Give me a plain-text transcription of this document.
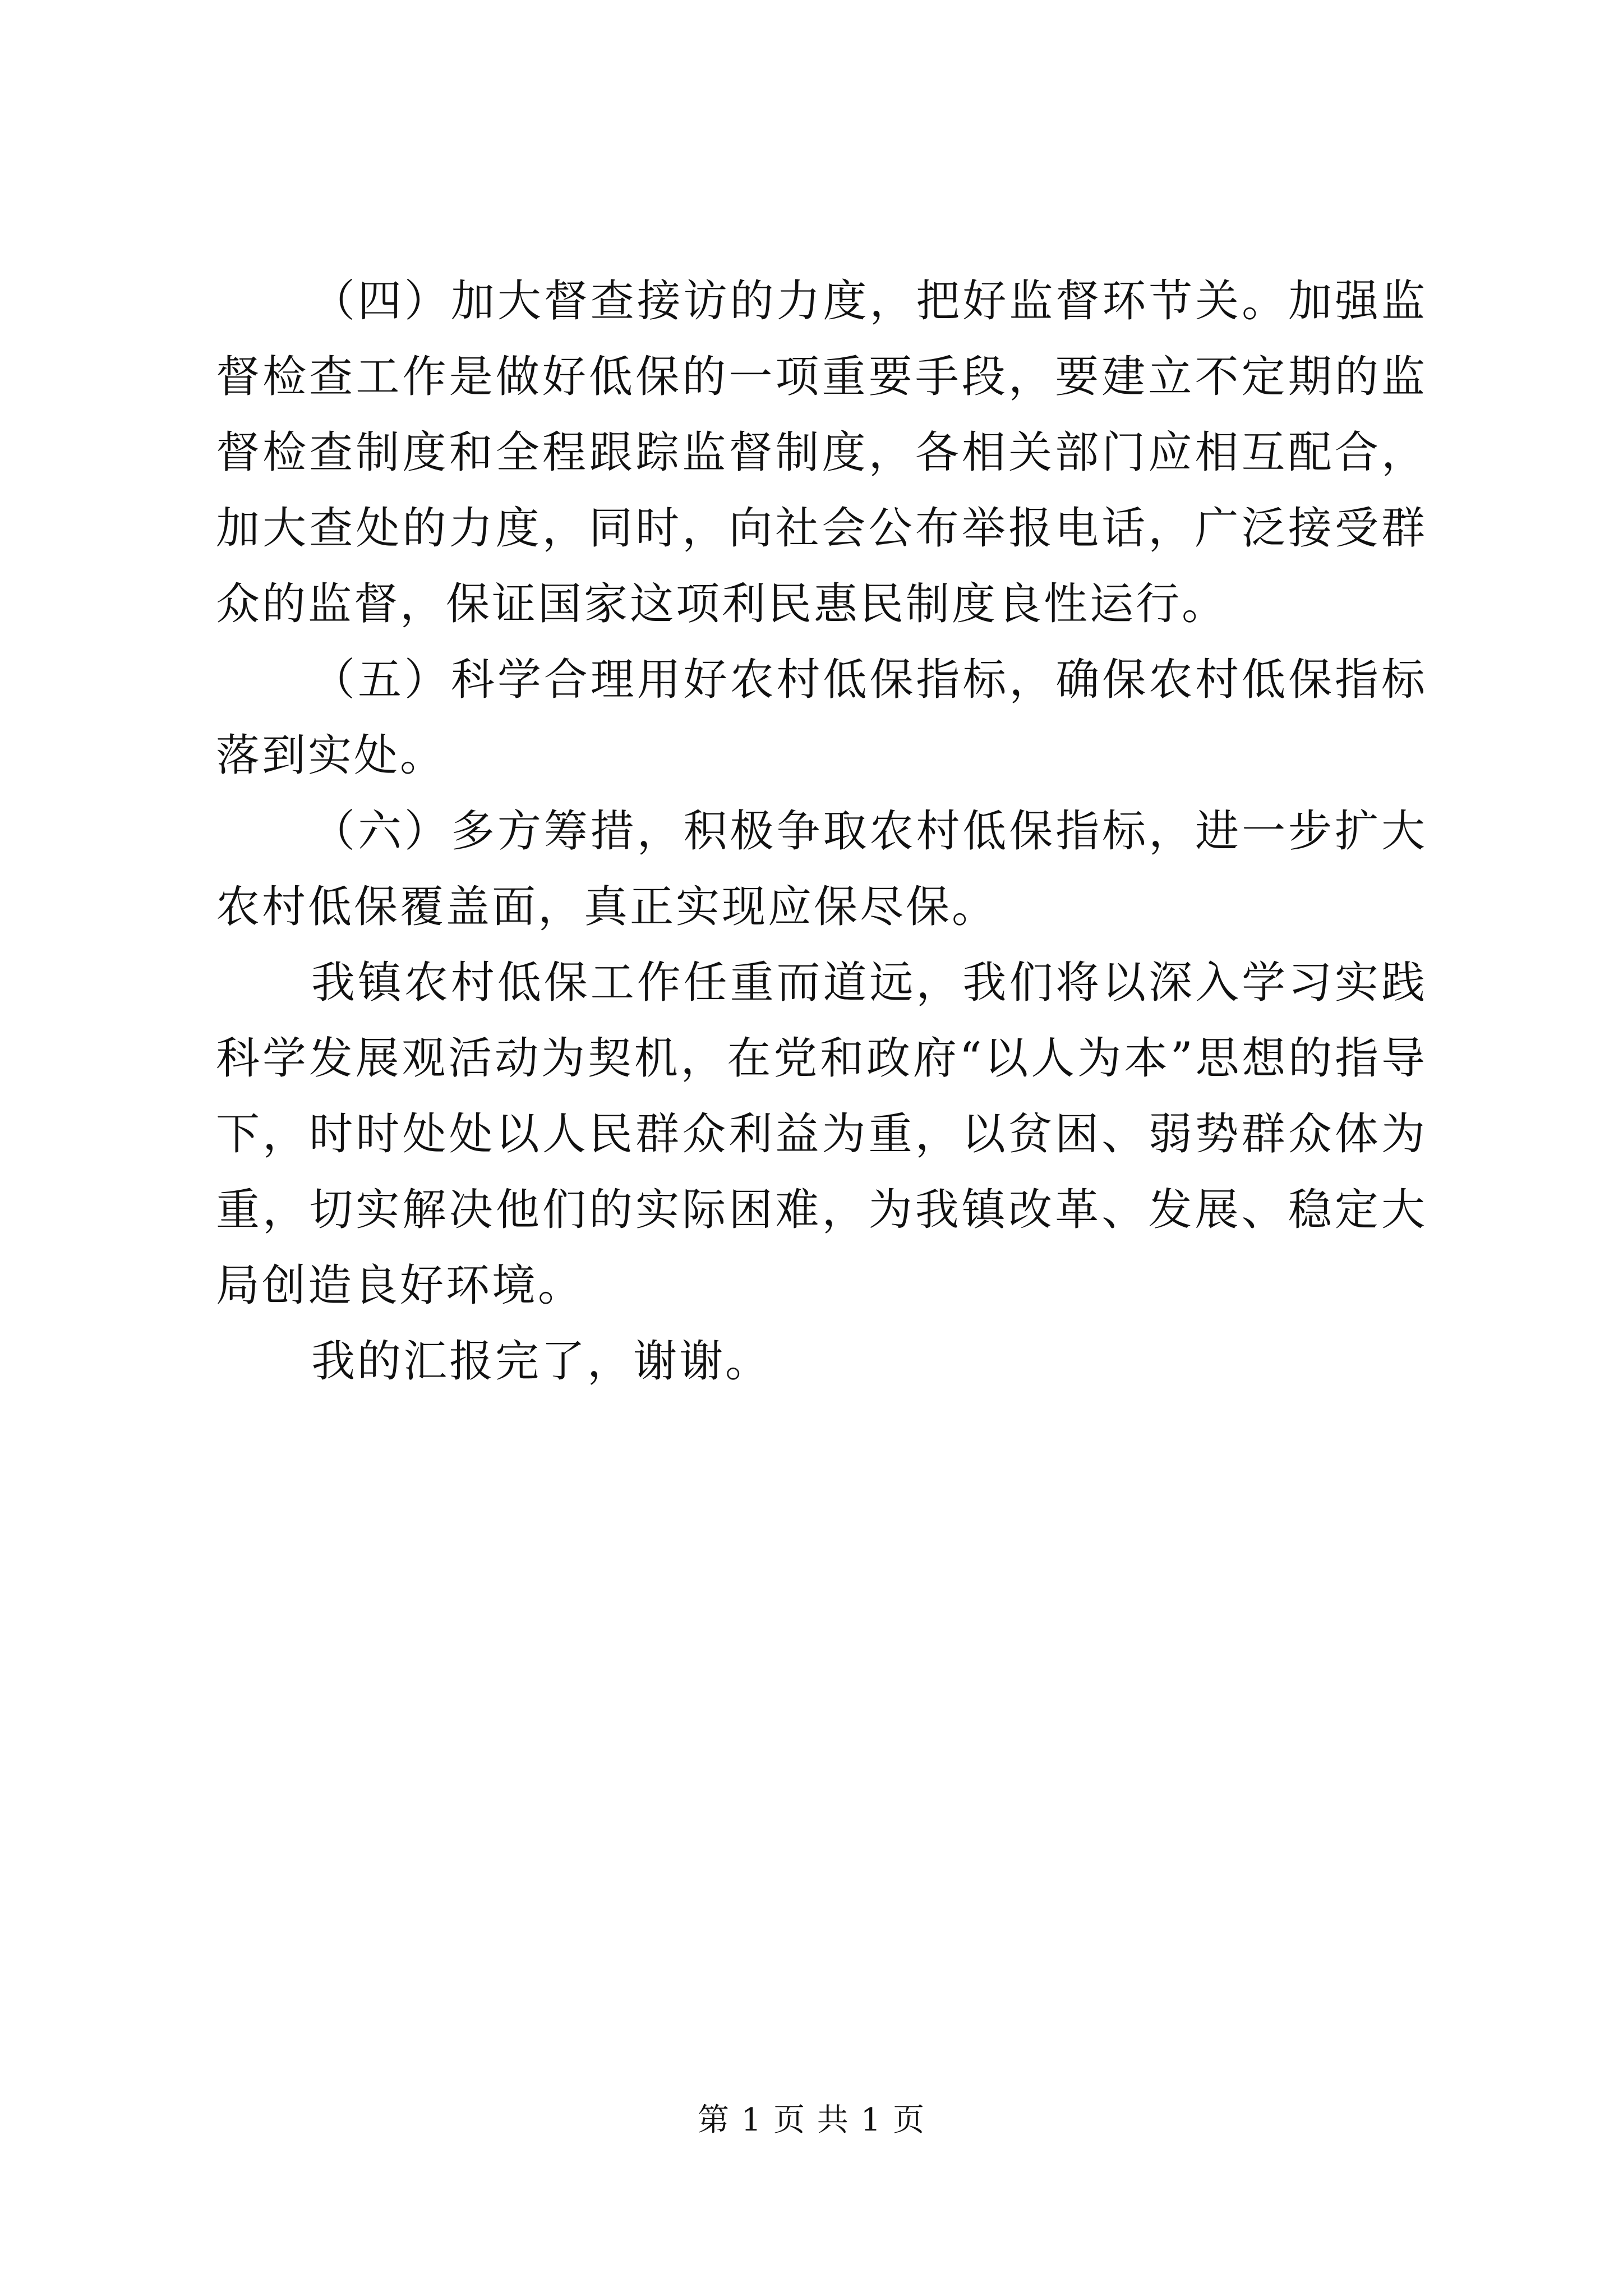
（四）加大督查接访的力度，把好监督环节关。加强监督检查工作是做好低保的一项重要手段，要建立不定期的监督检查制度和全程跟踪监督制度，各相关部门应相互配合，加大查处的力度，同时，向社会公布举报电话，广泛接受群众的监督，保证国家这项利民惠民制度良性运行。

（五）科学合理用好农村低保指标，确保农村低保指标落到实处。

（六）多方筹措，积极争取农村低保指标，进一步扩大农村低保覆盖面，真正实现应保尽保。

我镇农村低保工作任重而道远，我们将以深入学习实践科学发展观活动为契机，在党和政府“以人为本”思想的指导下，时时处处以人民群众利益为重，以贫困、弱势群众体为重，切实解决他们的实际困难，为我镇改革、发展、稳定大局创造良好环境。

我的汇报完了，谢谢。

第 1 页 共 1 页
